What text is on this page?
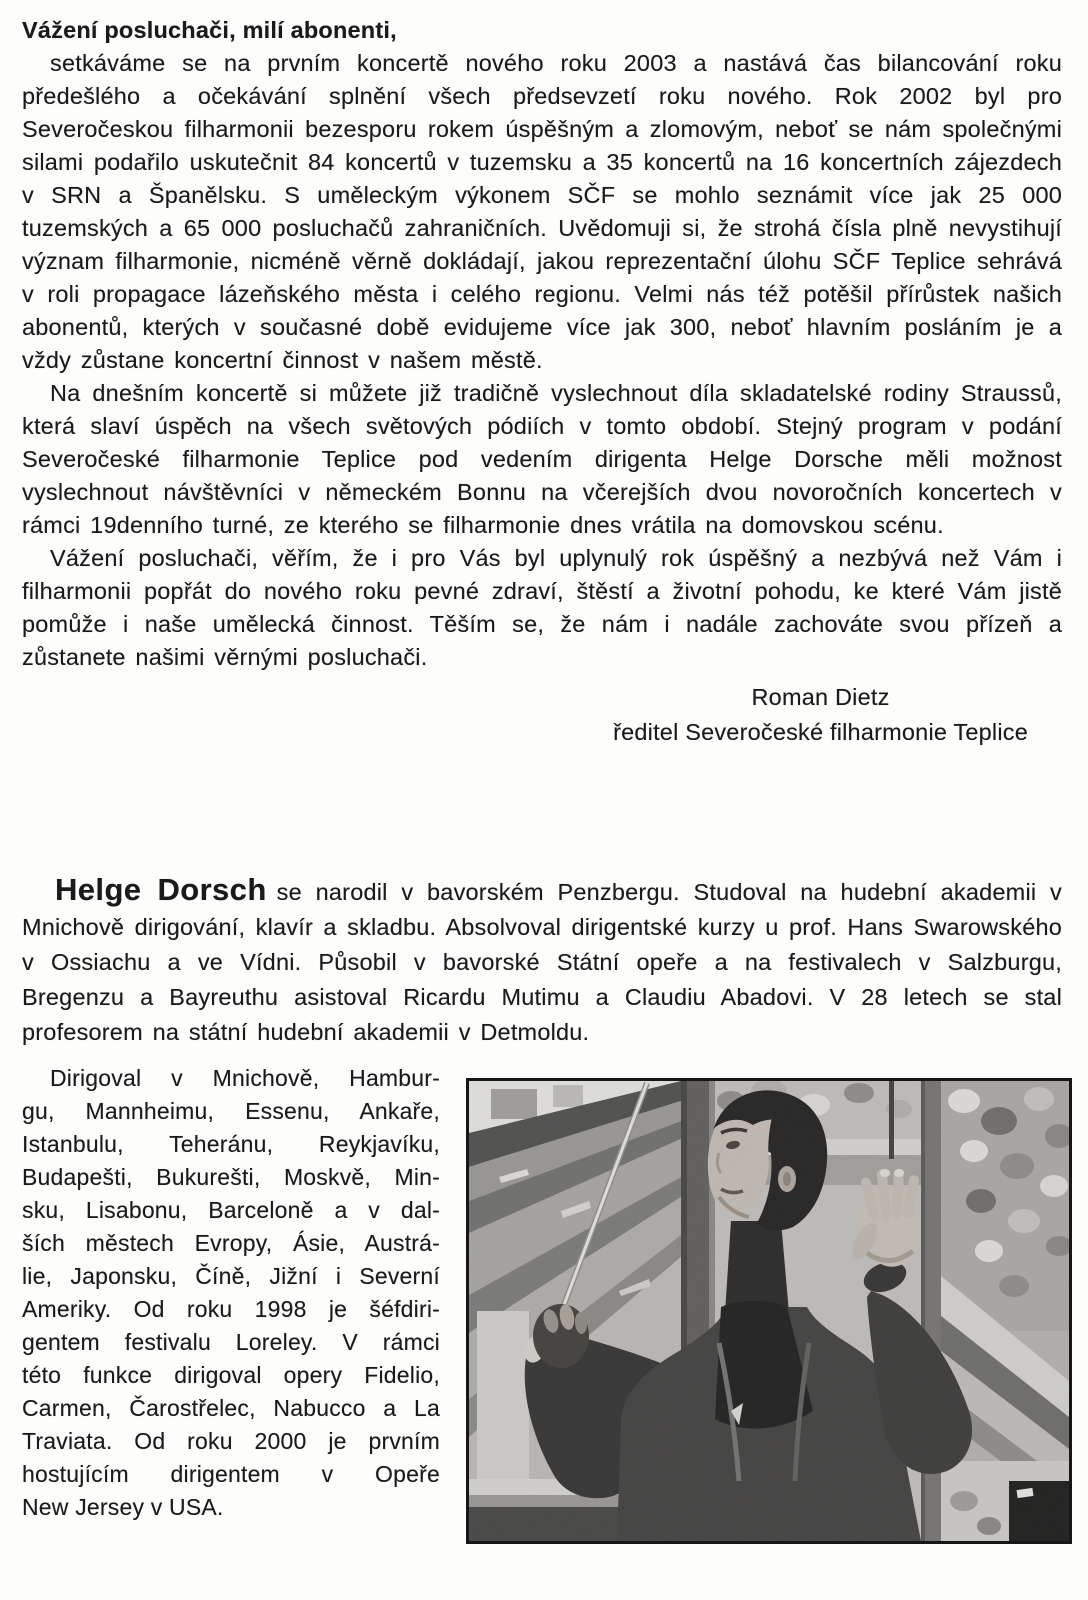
Vážení posluchači, milí abonenti,

setkáváme se na prvním koncertě nového roku 2003 a nastává čas bilancování roku předešlého a očekávání splnění všech předsevzetí roku nového. Rok 2002 byl pro Severočeskou filharmonii bezesporu rokem úspěšným a zlomovým, neboť se nám společnými silami podařilo uskutečnit 84 koncertů v tuzemsku a 35 koncertů na 16 koncertních zájezdech v SRN a Španělsku. S uměleckým výkonem SČF se mohlo seznámit více jak 25 000 tuzemských a 65 000 posluchačů zahraničních. Uvědomuji si, že strohá čísla plně nevystihují význam filharmonie, nicméně věrně dokládají, jakou reprezentační úlohu SČF Teplice sehrává v roli propagace lázeňského města i celého regionu. Velmi nás též potěšil přírůstek našich abonentů, kterých v současné době evidujeme více jak 300, neboť hlavním posláním je a vždy zůstane koncertní činnost v našem městě.

Na dnešním koncertě si můžete již tradičně vyslechnout díla skladatelské rodiny Straussů, která slaví úspěch na všech světových pódiích v tomto období. Stejný program v podání Severočeské filharmonie Teplice pod vedením dirigenta Helge Dorsche měli možnost vyslechnout návštěvníci v německém Bonnu na včerejších dvou novoročních koncertech v rámci 19denního turné, ze kterého se filharmonie dnes vrátila na domovskou scénu.

Vážení posluchači, věřím, že i pro Vás byl uplynulý rok úspěšný a nezbývá než Vám i filharmonii popřát do nového roku pevné zdraví, štěstí a životní pohodu, ke které Vám jistě pomůže i naše umělecká činnost. Těším se, že nám i nadále zachováte svou přízeň a zůstanete našimi věrnými posluchači.

Roman Dietz
ředitel Severočeské filharmonie Teplice

Helge Dorsch se narodil v bavorském Penzbergu. Studoval na hudební akademii v Mnichově dirigování, klavír a skladbu. Absolvoval dirigentské kurzy u prof. Hans Swarowského v Ossiachu a ve Vídni. Působil v bavorské Státní opeře a na festivalech v Salzburgu, Bregenzu a Bayreuthu asistoval Ricardu Mutimu a Claudiu Abadovi. V 28 letech se stal profesorem na státní hudební akademii v Detmoldu.

Dirigoval v Mnichově, Hambur-
gu, Mannheimu, Essenu, Ankaře,
Istanbulu, Teheránu, Reykjavíku,
Budapešti, Bukurešti, Moskvě, Min-
sku, Lisabonu, Barceloně a v dal-
ších městech Evropy, Ásie, Austrá-
lie, Japonsku, Číně, Jižní i Severní
Ameriky. Od roku 1998 je šéfdiri-
gentem festivalu Loreley. V rámci
této funkce dirigoval opery Fidelio,
Carmen, Čarostřelec, Nabucco a La
Traviata. Od roku 2000 je prvním
hostujícím dirigentem v Opeře
New Jersey v USA.
